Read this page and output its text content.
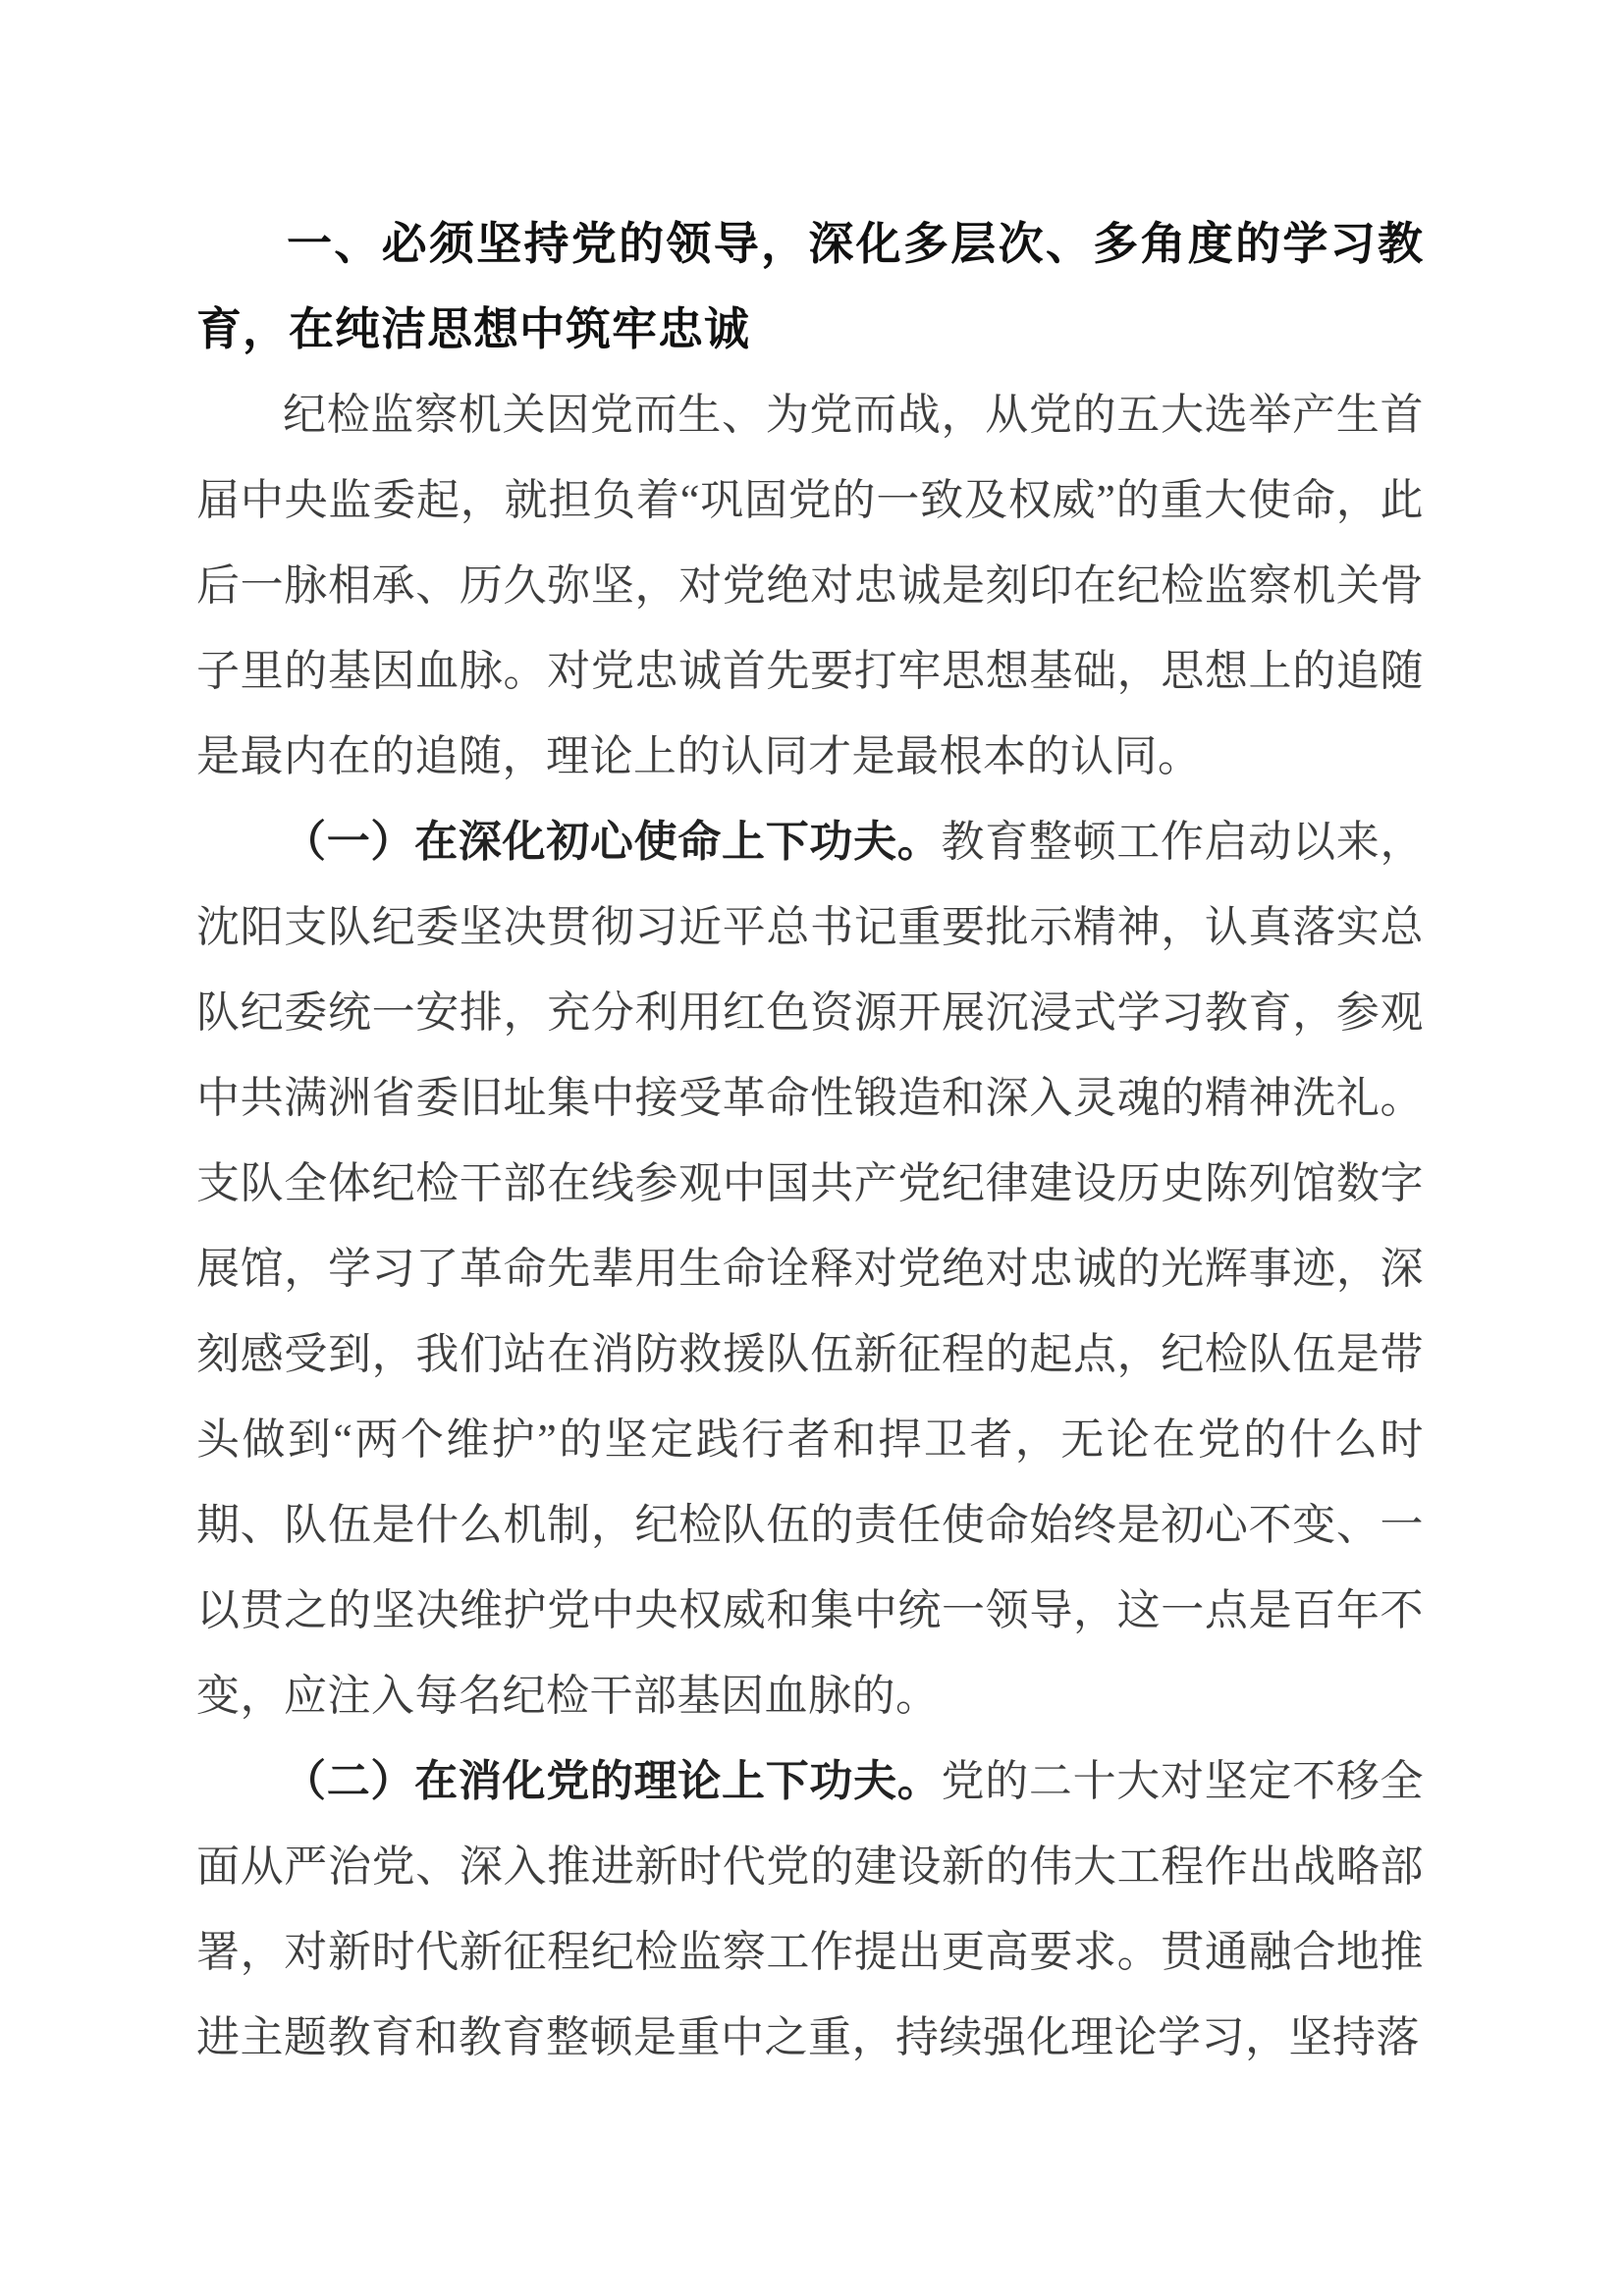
一、必须坚持党的领导，深化多层次、多角度的学习教育，在纯洁思想中筑牢忠诚

纪检监察机关因党而生、为党而战，从党的五大选举产生首届中央监委起，就担负着“巩固党的一致及权威”的重大使命，此后一脉相承、历久弥坚，对党绝对忠诚是刻印在纪检监察机关骨子里的基因血脉。对党忠诚首先要打牢思想基础，思想上的追随是最内在的追随，理论上的认同才是最根本的认同。

（一）在深化初心使命上下功夫。教育整顿工作启动以来，沈阳支队纪委坚决贯彻习近平总书记重要批示精神，认真落实总队纪委统一安排，充分利用红色资源开展沉浸式学习教育，参观中共满洲省委旧址集中接受革命性锻造和深入灵魂的精神洗礼。支队全体纪检干部在线参观中国共产党纪律建设历史陈列馆数字展馆，学习了革命先辈用生命诠释对党绝对忠诚的光辉事迹，深刻感受到，我们站在消防救援队伍新征程的起点，纪检队伍是带头做到“两个维护”的坚定践行者和捍卫者，无论在党的什么时期、队伍是什么机制，纪检队伍的责任使命始终是初心不变、一以贯之的坚决维护党中央权威和集中统一领导，这一点是百年不变，应注入每名纪检干部基因血脉的。

（二）在消化党的理论上下功夫。党的二十大对坚定不移全面从严治党、深入推进新时代党的建设新的伟大工程作出战略部署，对新时代新征程纪检监察工作提出更高要求。贯通融合地推进主题教育和教育整顿是重中之重，持续强化理论学习，坚持落
